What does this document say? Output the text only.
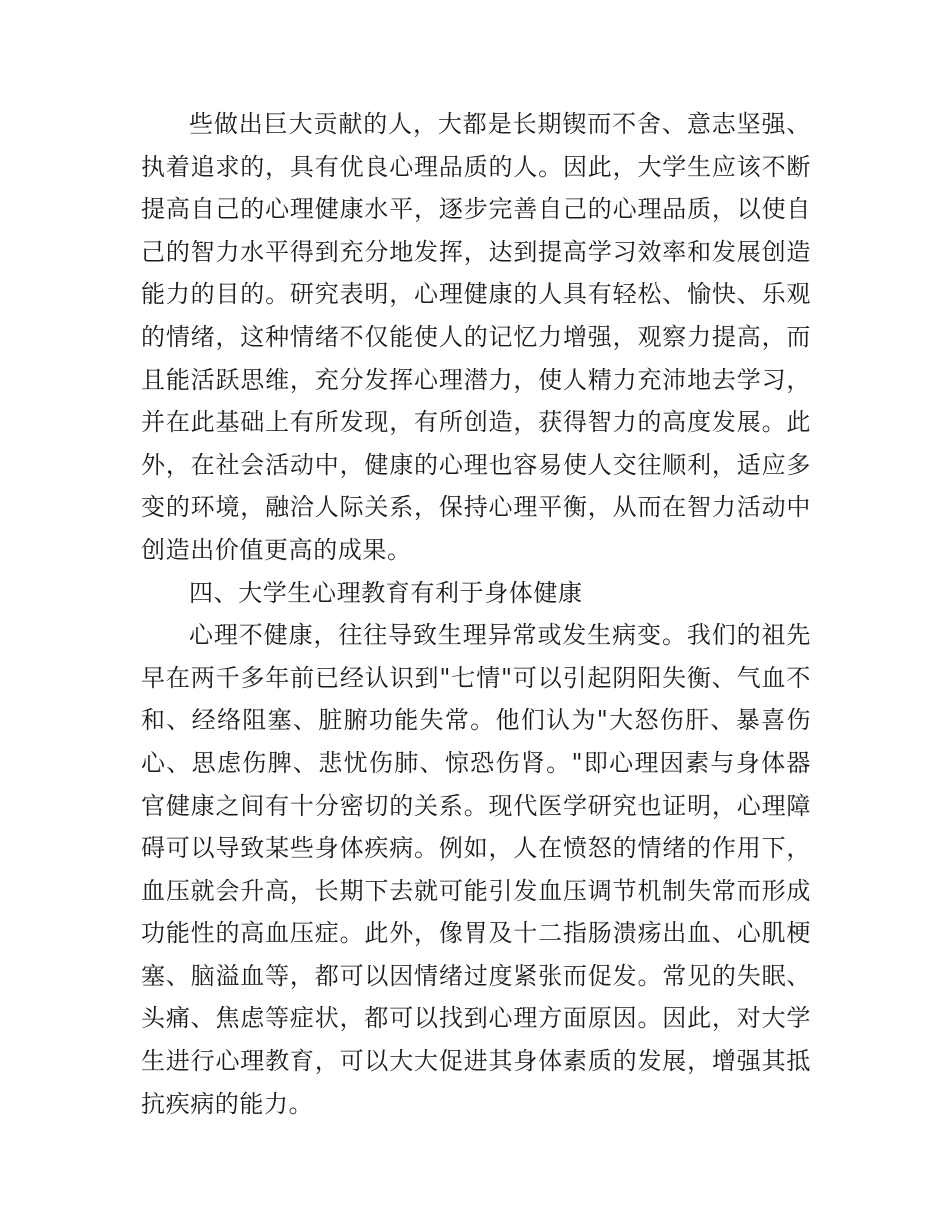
些做出巨大贡献的人，大都是长期锲而不舍、意志坚强、执着追求的，具有优良心理品质的人。因此，大学生应该不断提高自己的心理健康水平，逐步完善自己的心理品质，以使自己的智力水平得到充分地发挥，达到提高学习效率和发展创造能力的目的。研究表明，心理健康的人具有轻松、愉快、乐观的情绪，这种情绪不仅能使人的记忆力增强，观察力提高，而且能活跃思维，充分发挥心理潜力，使人精力充沛地去学习，并在此基础上有所发现，有所创造，获得智力的高度发展。此外，在社会活动中，健康的心理也容易使人交往顺利，适应多变的环境，融洽人际关系，保持心理平衡，从而在智力活动中创造出价值更高的成果。

四、大学生心理教育有利于身体健康

心理不健康，往往导致生理异常或发生病变。我们的祖先早在两千多年前已经认识到"七情"可以引起阴阳失衡、气血不和、经络阻塞、脏腑功能失常。他们认为"大怒伤肝、暴喜伤心、思虑伤脾、悲忧伤肺、惊恐伤肾。"即心理因素与身体器官健康之间有十分密切的关系。现代医学研究也证明，心理障碍可以导致某些身体疾病。例如，人在愤怒的情绪的作用下，血压就会升高，长期下去就可能引发血压调节机制失常而形成功能性的高血压症。此外，像胃及十二指肠溃疡出血、心肌梗塞、脑溢血等，都可以因情绪过度紧张而促发。常见的失眠、头痛、焦虑等症状，都可以找到心理方面原因。因此，对大学生进行心理教育，可以大大促进其身体素质的发展，增强其抵抗疾病的能力。
